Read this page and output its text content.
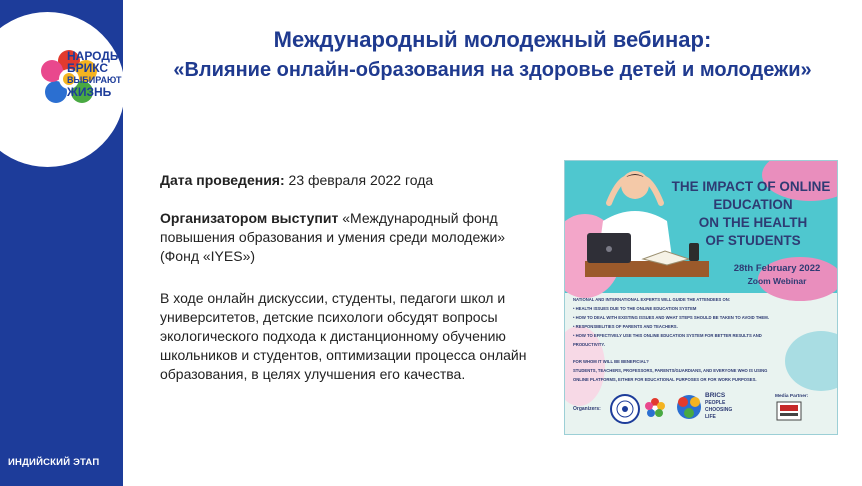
НАРОДЫ
БРИКС
ВЫБИРАЮТ
ЖИЗНЬ
ИНДИЙСКИЙ ЭТАП
Международный молодежный вебинар:
«Влияние онлайн-образования на здоровье детей и молодежи»
Дата проведения: 23 февраля 2022 года
Организатором выступит «Международный фонд повышения образования и умения среди молодежи» (Фонд «IYES»)
В ходе онлайн дискуссии, студенты, педагоги школ и университетов, детские психологи обсудят вопросы экологического подхода к дистанционному обучению школьников и студентов, оптимизации процесса онлайн образования, в целях улучшения его качества.
THE IMPACT OF ONLINE
EDUCATION
ON THE HEALTH
OF STUDENTS
28th February 2022
Zoom Webinar
NATIONAL AND INTERNATIONAL EXPERTS WILL GUIDE THE ATTENDEES ON:
• HEALTH ISSUES DUE TO THE ONLINE EDUCATION SYSTEM
• HOW TO DEAL WITH EXISTING ISSUES AND WHAT STEPS SHOULD BE TAKEN TO AVOID THEM.
• RESPONSIBILITIES OF PARENTS AND TEACHERS.
• HOW TO EFFECTIVELY USE THIS ONLINE EDUCATION SYSTEM FOR BETTER RESULTS AND
PRODUCTIVITY.
FOR WHOM IT WILL BE BENEFICIAL?
STUDENTS, TEACHERS, PROFESSORS, PARENTS/GUARDIANS, AND EVERYONE WHO IS USING
ONLINE PLATFORMS, EITHER FOR EDUCATIONAL PURPOSES OR FOR WORK PURPOSES.
Organizers:
BRICS
PEOPLE
CHOOSING
LIFE
Media Partner:
